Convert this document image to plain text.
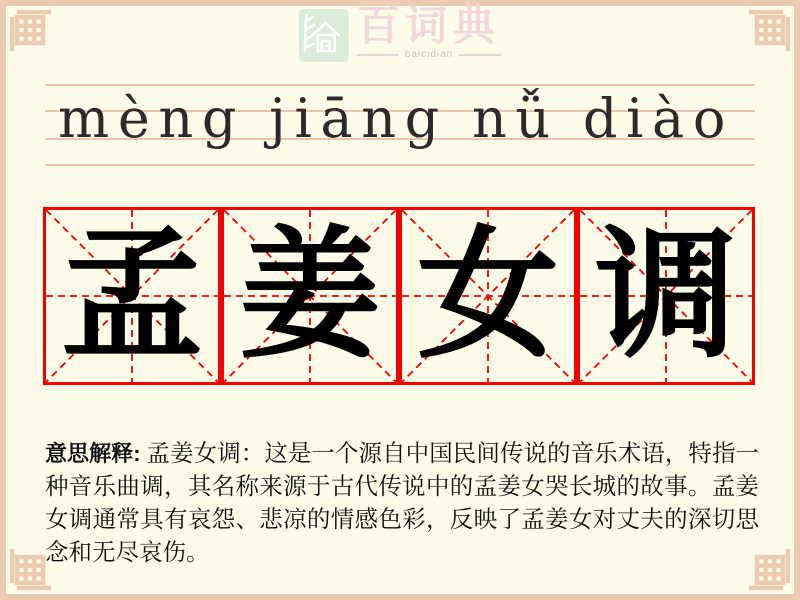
百词典
baicidian
mèng jiāng nǚ diào
孟 姜 女 调
意思解释: 孟姜女调：这是一个源自中国民间传说的音乐术语，特指一种音乐曲调，其名称来源于古代传说中的孟姜女哭长城的故事。孟姜女调通常具有哀怨、悲凉的情感色彩，反映了孟姜女对丈夫的深切思念和无尽哀伤。
